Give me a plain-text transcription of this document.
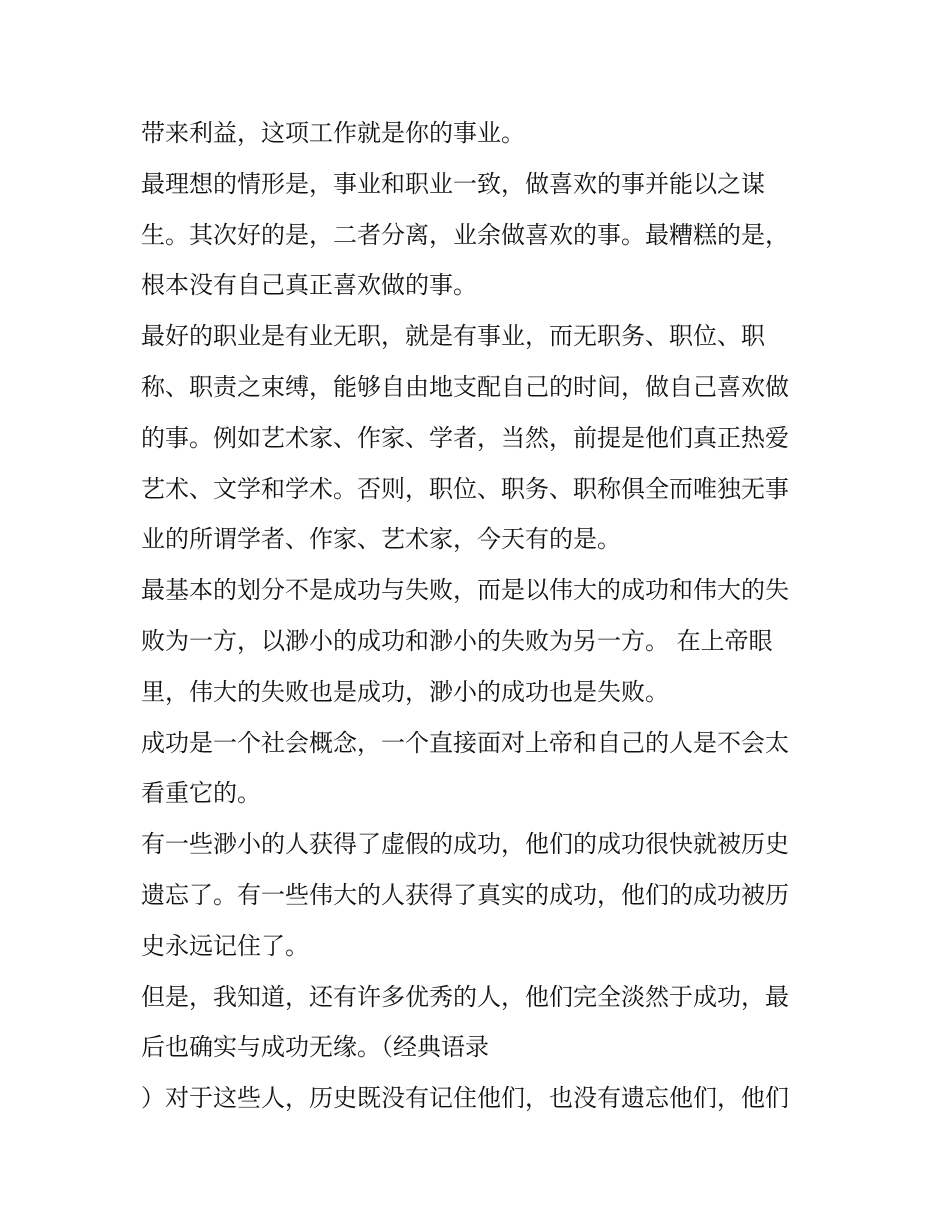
带来利益，这项工作就是你的事业。
最理想的情形是，事业和职业一致，做喜欢的事并能以之谋
生。其次好的是，二者分离，业余做喜欢的事。最糟糕的是，
根本没有自己真正喜欢做的事。
最好的职业是有业无职，就是有事业，而无职务、职位、职
称、职责之束缚，能够自由地支配自己的时间，做自己喜欢做
的事。例如艺术家、作家、学者，当然，前提是他们真正热爱
艺术、文学和学术。否则，职位、职务、职称俱全而唯独无事
业的所谓学者、作家、艺术家，今天有的是。
最基本的划分不是成功与失败，而是以伟大的成功和伟大的失
败为一方，以渺小的成功和渺小的失败为另一方。 在上帝眼
里，伟大的失败也是成功，渺小的成功也是失败。
成功是一个社会概念，一个直接面对上帝和自己的人是不会太
看重它的。
有一些渺小的人获得了虚假的成功，他们的成功很快就被历史
遗忘了。有一些伟大的人获得了真实的成功，他们的成功被历
史永远记住了。
但是，我知道，还有许多优秀的人，他们完全淡然于成功，最
后也确实与成功无缘。（经典语录
）对于这些人，历史既没有记住他们，也没有遗忘他们，他们
